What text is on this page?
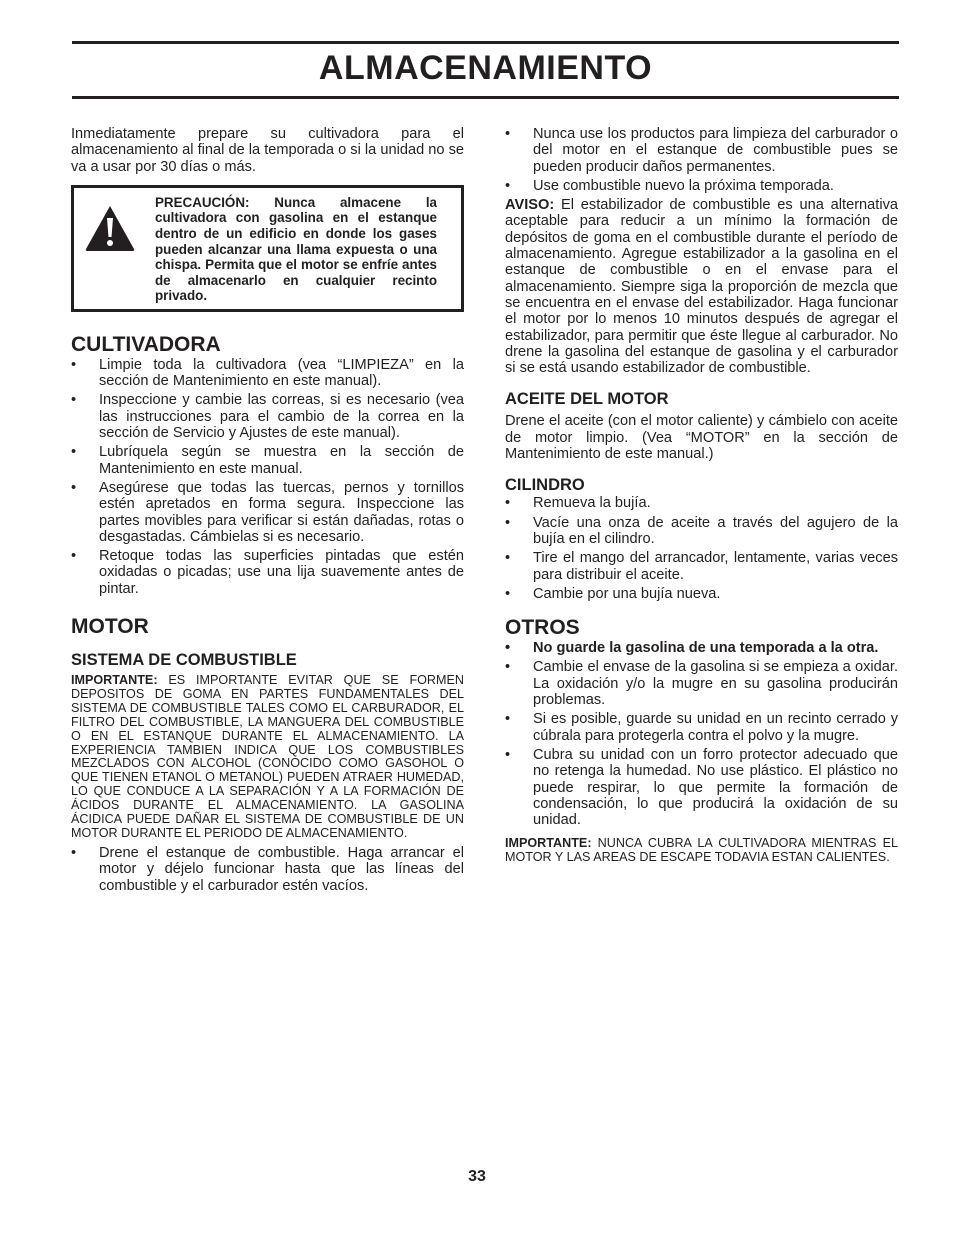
ALMACENAMIENTO

Inmediatamente prepare su cultivadora para el almacenamiento al final de la temporada o si la unidad no se va a usar por 30 días o más.

PRECAUCIÓN: Nunca almacene la cultivadora con gasolina en el estanque dentro de un edificio en donde los gases pueden alcanzar una llama expuesta o una chispa. Permita que el motor se enfríe antes de almacenarlo en cualquier recinto privado.
CULTIVADORA
• Limpie toda la cultivadora (vea “LIMPIEZA” en la sección de Mantenimiento en este manual).
• Inspeccione y cambie las correas, si es necesario (vea las instrucciones para el cambio de la correa en la sección de Servicio y Ajustes de este manual).
• Lubríquela según se muestra en la sección de Mantenimiento en este manual.
• Asegúrese que todas las tuercas, pernos y tornillos estén apretados en forma segura. Inspeccione las partes movibles para verificar si están dañadas, rotas o desgastadas. Cámbielas si es necesario.
• Retoque todas las superficies pintadas que estén oxidadas o picadas; use una lija suavemente antes de pintar.
MOTOR
SISTEMA DE COMBUSTIBLE

IMPORTANTE: ES IMPORTANTE EVITAR QUE SE FORMEN DEPOSITOS DE GOMA EN PARTES FUNDAMENTALES DEL SISTEMA DE COMBUSTIBLE TALES COMO EL CARBURADOR, EL FILTRO DEL COMBUSTIBLE, LA MANGUERA DEL COMBUSTIBLE O EN EL ESTANQUE DURANTE EL ALMACENAMIENTO. LA EXPERIENCIA TAMBIEN INDICA QUE LOS COMBUSTIBLES MEZCLADOS CON ALCOHOL (CONOCIDO COMO GASOHOL O QUE TIENEN ETANOL O METANOL) PUEDEN ATRAER HUMEDAD, LO QUE CONDUCE A LA SEPARACIÓN Y A LA FORMACIÓN DE ÁCIDOS DURANTE EL ALMACENAMIENTO. LA GASOLINA ÁCIDICA PUEDE DAÑAR EL SISTEMA DE COMBUSTIBLE DE UN MOTOR DURANTE EL PERIODO DE ALMACENAMIENTO.

• Drene el estanque de combustible. Haga arrancar el motor y déjelo funcionar hasta que las líneas del combustible y el carburador estén vacíos.
• Nunca use los productos para limpieza del carburador o del motor en el estanque de combustible pues se pueden producir daños permanentes.
• Use combustible nuevo la próxima temporada.

AVISO: El estabilizador de combustible es una alternativa aceptable para reducir a un mínimo la formación de depósitos de goma en el combustible durante el período de almacenamiento. Agregue estabilizador a la gasolina en el estanque de combustible o en el envase para el almacenamiento. Siempre siga la proporción de mezcla que se encuentra en el envase del estabilizador. Haga funcionar el motor por lo menos 10 minutos después de agregar el estabilizador, para permitir que éste llegue al carburador. No drene la gasolina del estanque de gasolina y el carburador si se está usando estabilizador de combustible.

ACEITE DEL MOTOR

Drene el aceite (con el motor caliente) y cámbielo con aceite de motor limpio. (Vea “MOTOR” en la sección de Mantenimiento de este manual.)

CILINDRO
• Remueva la bujía.
• Vacíe una onza de aceite a través del agujero de la bujía en el cilindro.
• Tire el mango del arrancador, lentamente, varias veces para distribuir el aceite.
• Cambie por una bujía nueva.
OTROS
• No guarde la gasolina de una temporada a la otra.
• Cambie el envase de la gasolina si se empieza a oxidar. La oxidación y/o la mugre en su gasolina producirán problemas.
• Si es posible, guarde su unidad en un recinto cerrado y cúbrala para protegerla contra el polvo y la mugre.
• Cubra su unidad con un forro protector adecuado que no retenga la humedad. No use plástico. El plástico no puede respirar, lo que permite la formación de condensación, lo que producirá la oxidación de su unidad.

IMPORTANTE: NUNCA CUBRA LA CULTIVADORA MIENTRAS EL MOTOR Y LAS AREAS DE ESCAPE TODAVIA ESTAN CALIENTES.

33
